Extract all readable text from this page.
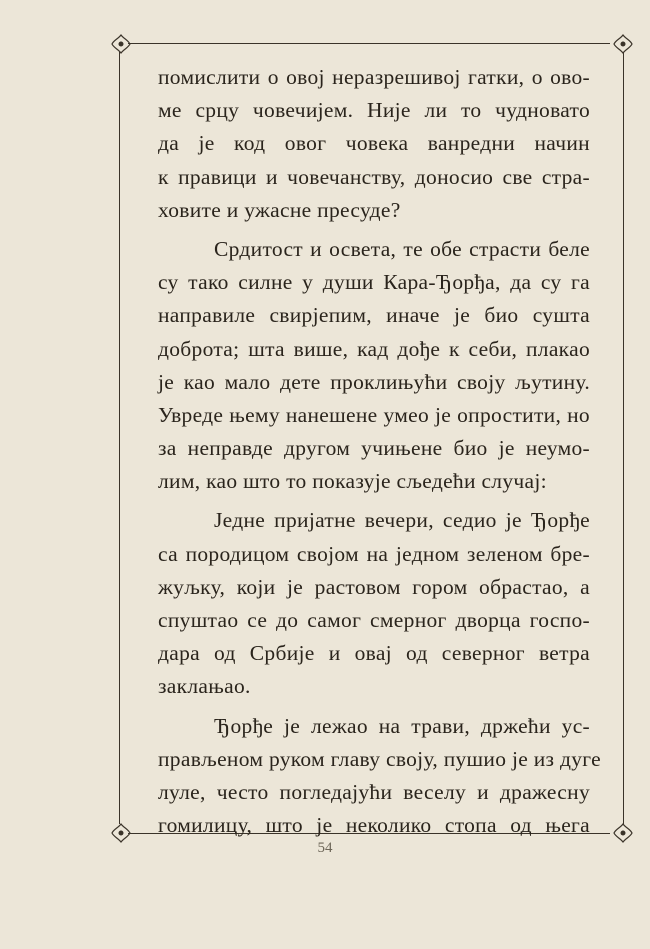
помислити о овој неразрешивој гатки, о ово-
ме срцу човечијем. Није ли то чудновато
да је код овог човека ванредни начин
к правици и човечанству, доносио све стра-
ховите и ужасне пресуде?
Срдитост и освета, те обе страсти беле
су тако силне у души Кара-Ђорђа, да су га
направиле свирјепим, иначе је био сушта
доброта; шта више, кад дође к себи, плакао
је као мало дете проклињући своју љутину.
Увреде њему нанешене умео је опростити, но
за неправде другом учињене био је неумо-
лим, као што то показује сљедећи случај:
Једне пријатне вечери, седио је Ђорђе
са породицом својом на једном зеленом бре-
жуљку, који је растовом гором обрастао, а
спуштао се до самог смерног дворца госпо-
дара од Србије и овај од северног ветра
заклањао.
Ђорђе је лежао на трави, држећи ус-
прављеном руком главу своју, пушио је из дуге
луле, често погледајући веселу и дражесну
гомилицу, што је неколико стопа од њега
54
